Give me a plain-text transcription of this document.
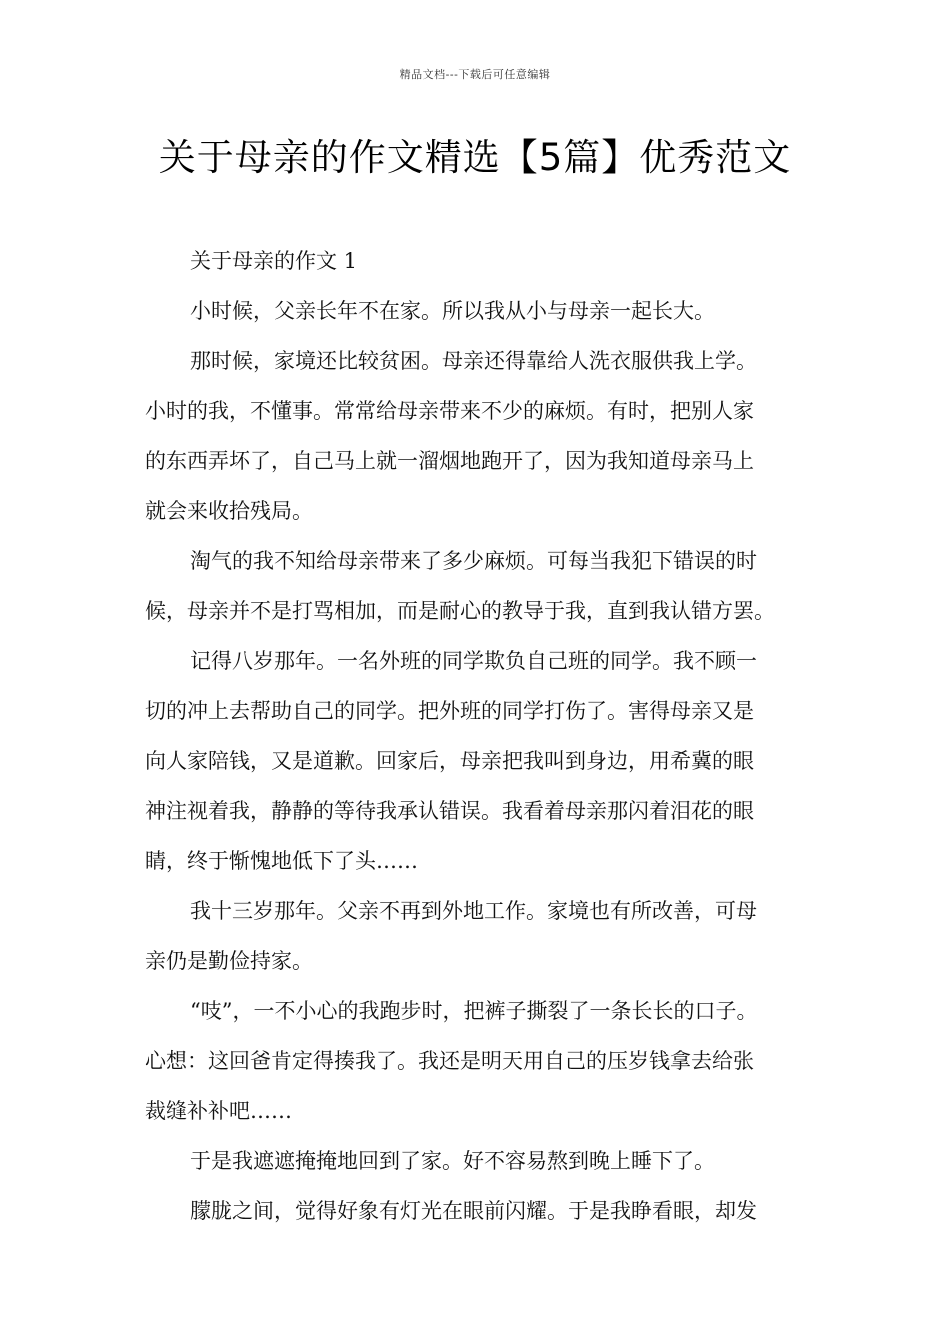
精品文档---下载后可任意编辑
关于母亲的作文精选【5篇】优秀范文
关于母亲的作文 1
小时候，父亲长年不在家。所以我从小与母亲一起长大。
那时候，家境还比较贫困。母亲还得靠给人洗衣服供我上学。
小时的我，不懂事。常常给母亲带来不少的麻烦。有时，把别人家
的东西弄坏了，自己马上就一溜烟地跑开了，因为我知道母亲马上
就会来收拾残局。
淘气的我不知给母亲带来了多少麻烦。可每当我犯下错误的时
候，母亲并不是打骂相加，而是耐心的教导于我，直到我认错方罢。
记得八岁那年。一名外班的同学欺负自己班的同学。我不顾一
切的冲上去帮助自己的同学。把外班的同学打伤了。害得母亲又是
向人家陪钱，又是道歉。回家后，母亲把我叫到身边，用希冀的眼
神注视着我，静静的等待我承认错误。我看着母亲那闪着泪花的眼
睛，终于惭愧地低下了头……
我十三岁那年。父亲不再到外地工作。家境也有所改善，可母
亲仍是勤俭持家。
“吱”，一不小心的我跑步时，把裤子撕裂了一条长长的口子。
心想：这回爸肯定得揍我了。我还是明天用自己的压岁钱拿去给张
裁缝补补吧……
于是我遮遮掩掩地回到了家。好不容易熬到晚上睡下了。
朦胧之间，觉得好象有灯光在眼前闪耀。于是我睁看眼，却发
